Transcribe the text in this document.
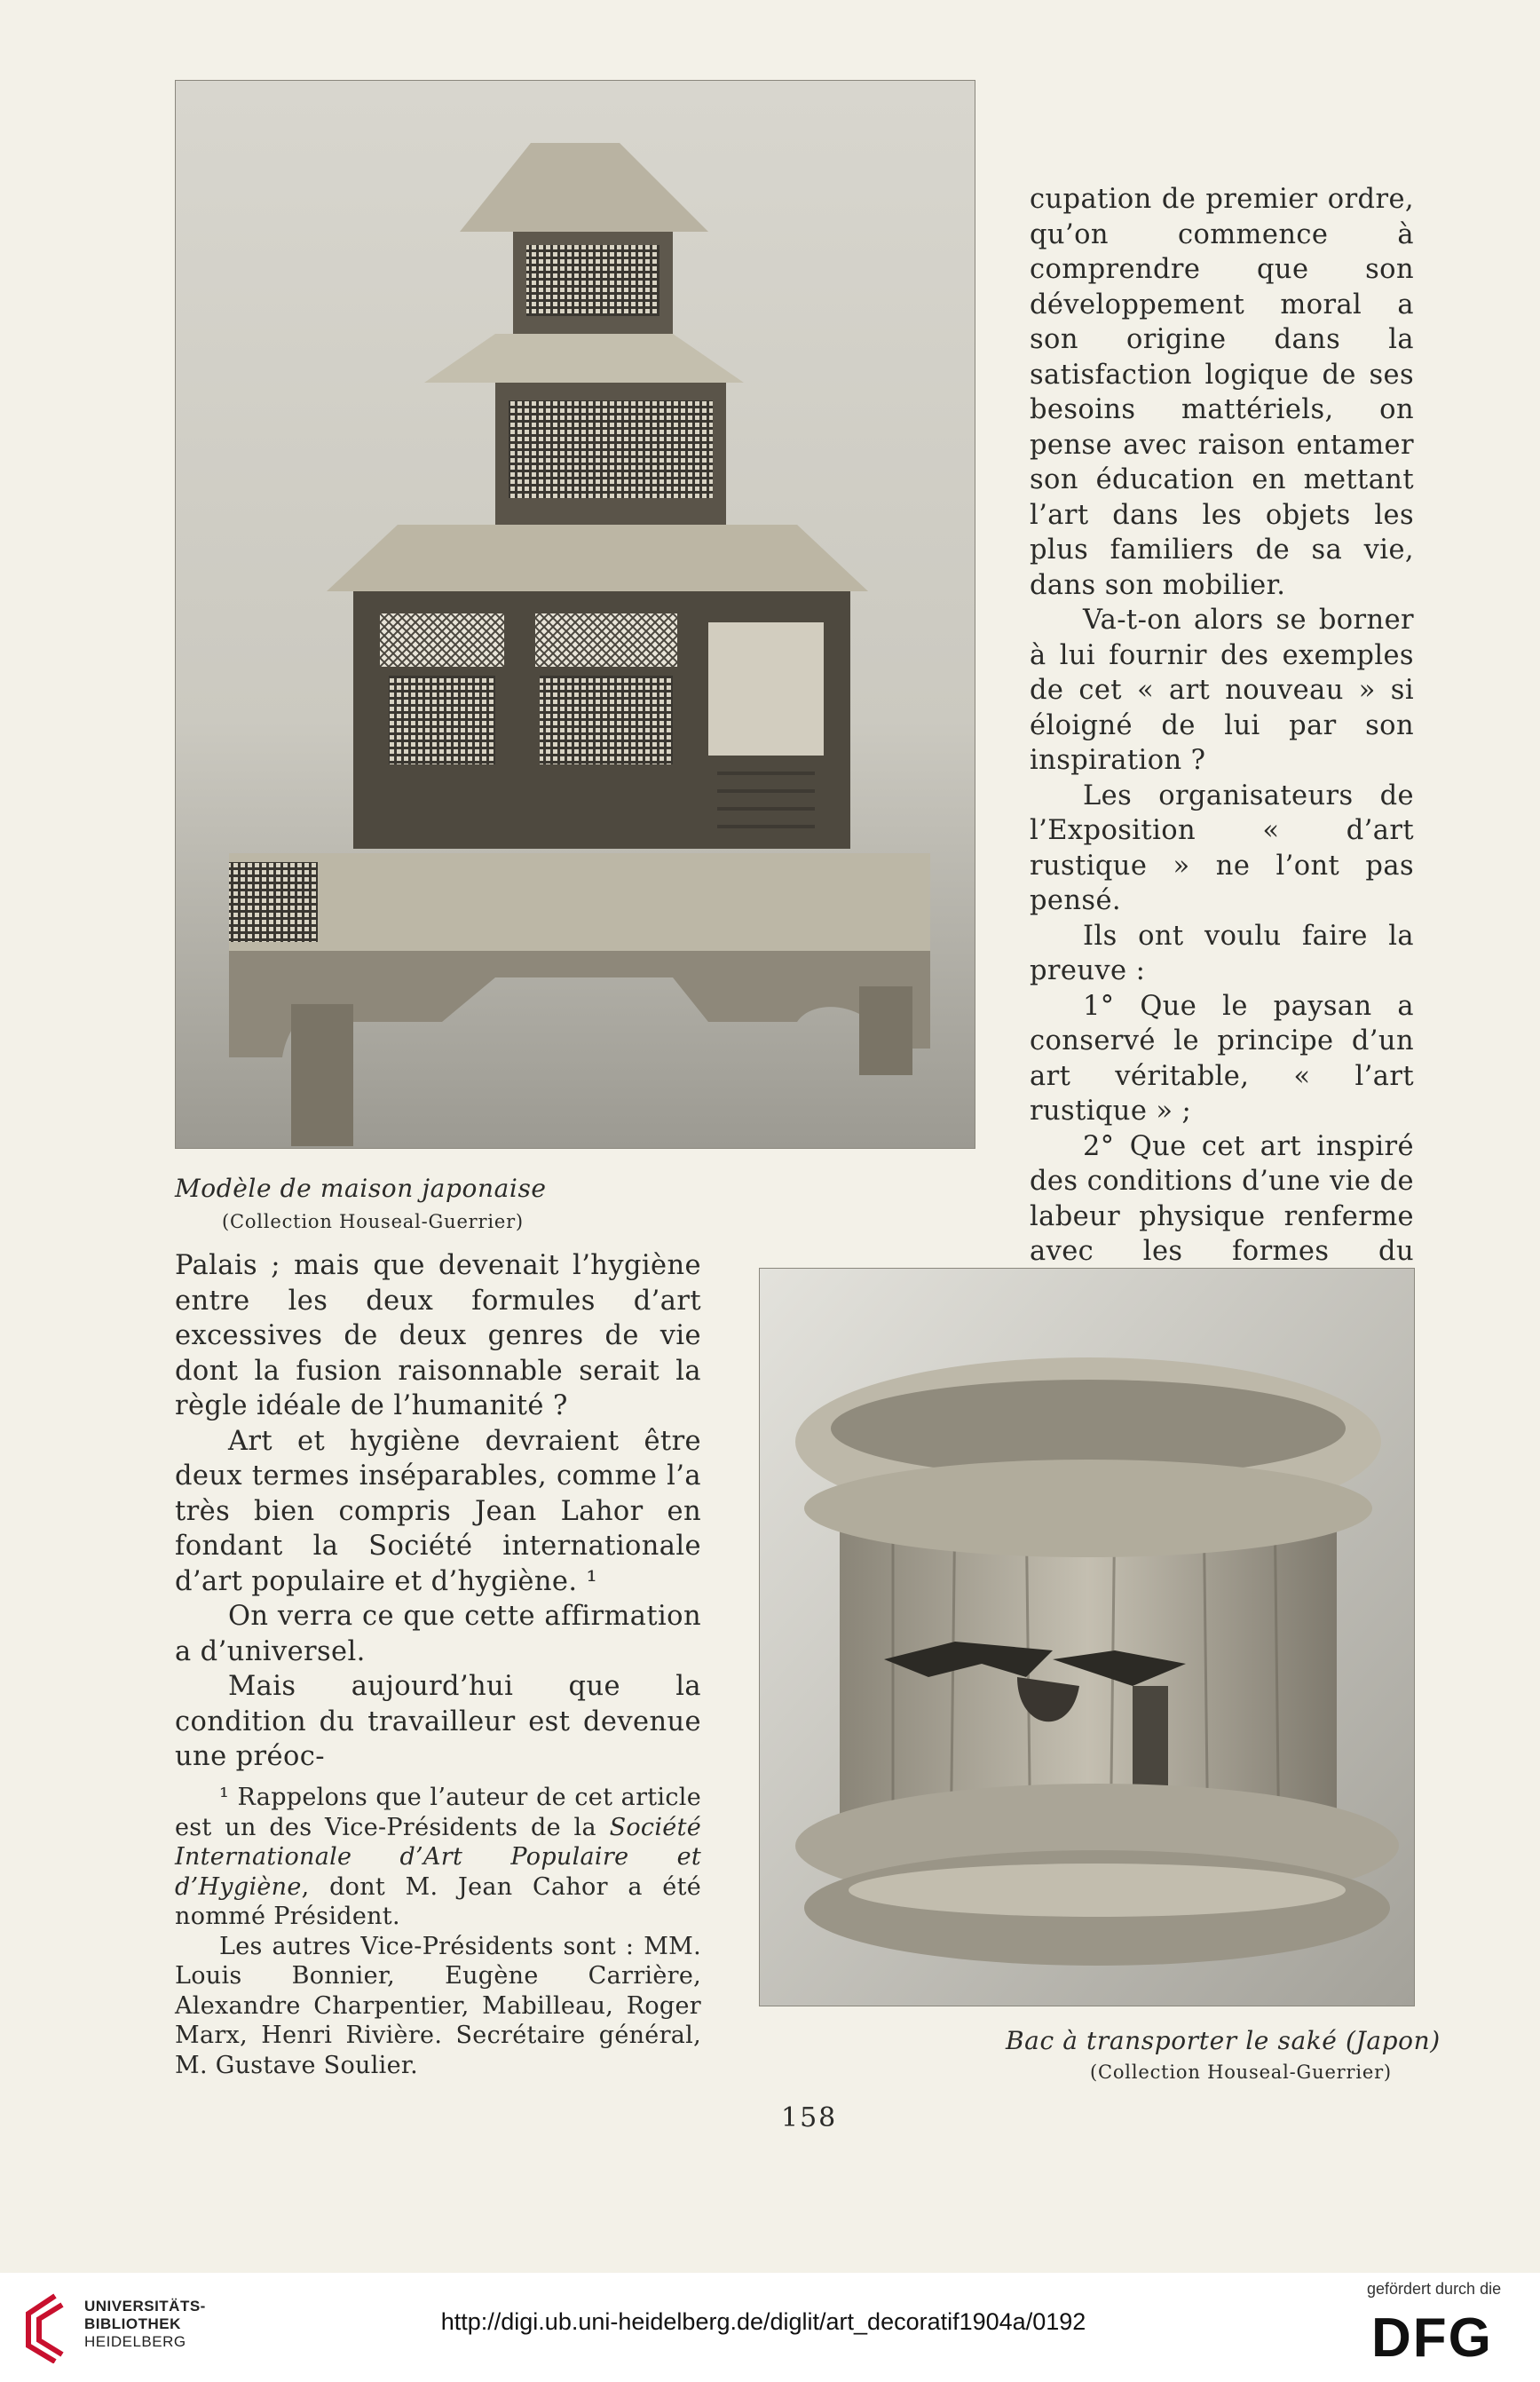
cupation de premier ordre, qu’on commence à comprendre que son développement moral a son origine dans la satisfaction logique de ses besoins mattériels, on pense avec raison entamer son éducation en mettant l’art dans les objets les plus familiers de sa vie, dans son mobilier.

Va-t-on alors se borner à lui fournir des exemples de cet « art nouveau » si éloigné de lui par son inspiration ?

Les organisateurs de l’Exposition « d’art rustique » ne l’ont pas pensé.

Ils ont voulu faire la preuve :

1° Que le paysan a conservé le principe d’un art véritable, « l’art rustique » ;

2° Que cet art inspiré des conditions d’une vie de labeur physique renferme avec les formes du

Modèle de maison japonaise
(Collection Houseal-Guerrier)

Palais ; mais que devenait l’hygiène entre les deux formules d’art excessives de deux genres de vie dont la fusion raisonnable serait la règle idéale de l’humanité ?

Art et hygiène devraient être deux termes inséparables, comme l’a très bien compris Jean Lahor en fondant la Société internationale d’art populaire et d’hygiène. ¹

On verra ce que cette affirmation a d’universel.

Mais aujourd’hui que la condition du travailleur est devenue une préoc-

¹ Rappelons que l’auteur de cet article est un des Vice-Présidents de la Société Internationale d’Art Populaire et d’Hygiène, dont M. Jean Cahor a été nommé Président.

Les autres Vice-Présidents sont : MM. Louis Bonnier, Eugène Carrière, Alexandre Charpentier, Mabilleau, Roger Marx, Henri Rivière. Secrétaire général, M. Gustave Soulier.

Bac à transporter le saké (Japon)
(Collection Houseal-Guerrier)
158
UNIVERSITÄTS-
BIBLIOTHEK
HEIDELBERG
http://digi.ub.uni-heidelberg.de/diglit/art_decoratif1904a/0192
gefördert durch die
DFG
